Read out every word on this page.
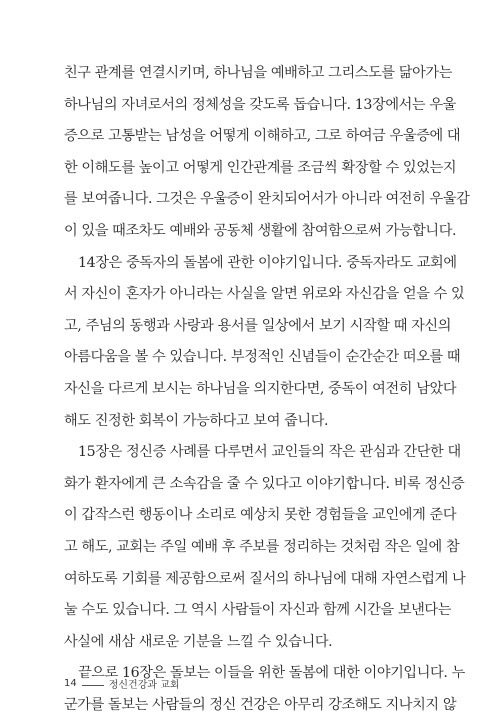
친구 관계를 연결시키며, 하나님을 예배하고 그리스도를 닮아가는
하나님의 자녀로서의 정체성을 갖도록 돕습니다. 13장에서는 우울
증으로 고통받는 남성을 어떻게 이해하고, 그로 하여금 우울증에 대
한 이해도를 높이고 어떻게 인간관계를 조금씩 확장할 수 있었는지
를 보여줍니다. 그것은 우울증이 완치되어서가 아니라 여전히 우울감
이 있을 때조차도 예배와 공동체 생활에 참여함으로써 가능합니다.
14장은 중독자의 돌봄에 관한 이야기입니다. 중독자라도 교회에
서 자신이 혼자가 아니라는 사실을 알면 위로와 자신감을 얻을 수 있
고, 주님의 동행과 사랑과 용서를 일상에서 보기 시작할 때 자신의
아름다움을 볼 수 있습니다. 부정적인 신념들이 순간순간 떠오를 때
자신을 다르게 보시는 하나님을 의지한다면, 중독이 여전히 남았다
해도 진정한 회복이 가능하다고 보여 줍니다.
15장은 정신증 사례를 다루면서 교인들의 작은 관심과 간단한 대
화가 환자에게 큰 소속감을 줄 수 있다고 이야기합니다. 비록 정신증
이 갑작스런 행동이나 소리로 예상치 못한 경험들을 교인에게 준다
고 해도, 교회는 주일 예배 후 주보를 정리하는 것처럼 작은 일에 참
여하도록 기회를 제공함으로써 질서의 하나님에 대해 자연스럽게 나
눌 수도 있습니다. 그 역시 사람들이 자신과 함께 시간을 보낸다는
사실에 새삼 새로운 기분을 느낄 수 있습니다.
끝으로 16장은 돌보는 이들을 위한 돌봄에 대한 이야기입니다. 누
군가를 돌보는 사람들의 정신 건강은 아무리 강조해도 지나치지 않
14	정신건강과 교회
